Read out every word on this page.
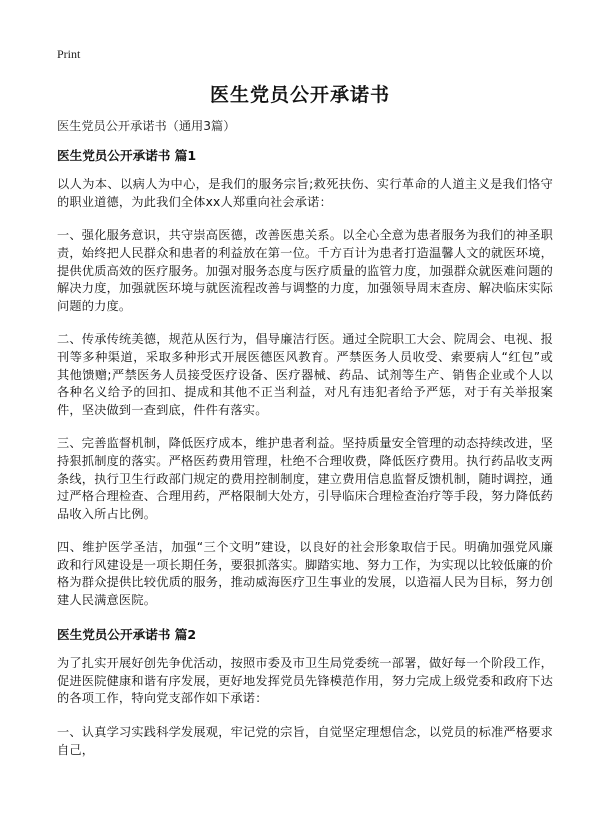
Print
医生党员公开承诺书

医生党员公开承诺书（通用3篇）

医生党员公开承诺书 篇1

以人为本、以病人为中心，是我们的服务宗旨;救死扶伤、实行革命的人道主义是我们恪守的职业道德，为此我们全体xx人郑重向社会承诺：

一、强化服务意识，共守崇高医德，改善医患关系。以全心全意为患者服务为我们的神圣职责，始终把人民群众和患者的利益放在第一位。千方百计为患者打造温馨人文的就医环境，提供优质高效的医疗服务。加强对服务态度与医疗质量的监管力度，加强群众就医难问题的解决力度，加强就医环境与就医流程改善与调整的力度，加强领导周末查房、解决临床实际问题的力度。

二、传承传统美德，规范从医行为，倡导廉洁行医。通过全院职工大会、院周会、电视、报刊等多种渠道，采取多种形式开展医德医风教育。严禁医务人员收受、索要病人“红包”或其他馈赠;严禁医务人员接受医疗设备、医疗器械、药品、试剂等生产、销售企业或个人以各种名义给予的回扣、提成和其他不正当利益，对凡有违犯者给予严惩，对于有关举报案件，坚决做到一查到底，件件有落实。

三、完善监督机制，降低医疗成本，维护患者利益。坚持质量安全管理的动态持续改进，坚持狠抓制度的落实。严格医药费用管理，杜绝不合理收费，降低医疗费用。执行药品收支两条线，执行卫生行政部门规定的费用控制制度，建立费用信息监督反馈机制，随时调控，通过严格合理检查、合理用药，严格限制大处方，引导临床合理检查治疗等手段，努力降低药品收入所占比例。

四、维护医学圣洁，加强“三个文明”建设，以良好的社会形象取信于民。明确加强党风廉政和行风建设是一项长期任务，要狠抓落实。脚踏实地、努力工作，为实现以比较低廉的价格为群众提供比较优质的服务，推动威海医疗卫生事业的发展，以造福人民为目标，努力创建人民满意医院。

医生党员公开承诺书 篇2

为了扎实开展好创先争优活动，按照市委及市卫生局党委统一部署，做好每一个阶段工作，促进医院健康和谐有序发展，更好地发挥党员先锋模范作用，努力完成上级党委和政府下达的各项工作，特向党支部作如下承诺：

一、认真学习实践科学发展观，牢记党的宗旨，自觉坚定理想信念，以党员的标准严格要求自己，
